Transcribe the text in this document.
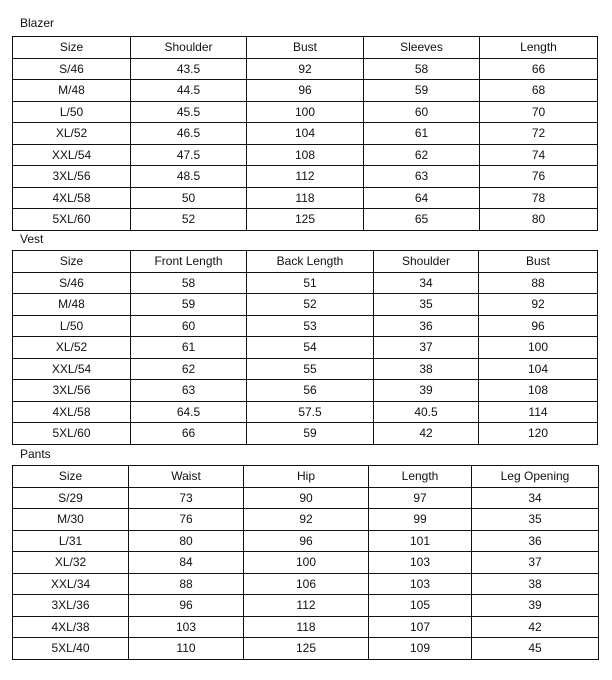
Blazer
Size	Shoulder	Bust	Sleeves	Length
S/46	43.5	92	58	66
M/48	44.5	96	59	68
L/50	45.5	100	60	70
XL/52	46.5	104	61	72
XXL/54	47.5	108	62	74
3XL/56	48.5	112	63	76
4XL/58	50	118	64	78
5XL/60	52	125	65	80
Vest
Size	Front Length	Back Length	Shoulder	Bust
S/46	58	51	34	88
M/48	59	52	35	92
L/50	60	53	36	96
XL/52	61	54	37	100
XXL/54	62	55	38	104
3XL/56	63	56	39	108
4XL/58	64.5	57.5	40.5	114
5XL/60	66	59	42	120
Pants
Size	Waist	Hip	Length	Leg Opening
S/29	73	90	97	34
M/30	76	92	99	35
L/31	80	96	101	36
XL/32	84	100	103	37
XXL/34	88	106	103	38
3XL/36	96	112	105	39
4XL/38	103	118	107	42
5XL/40	110	125	109	45
